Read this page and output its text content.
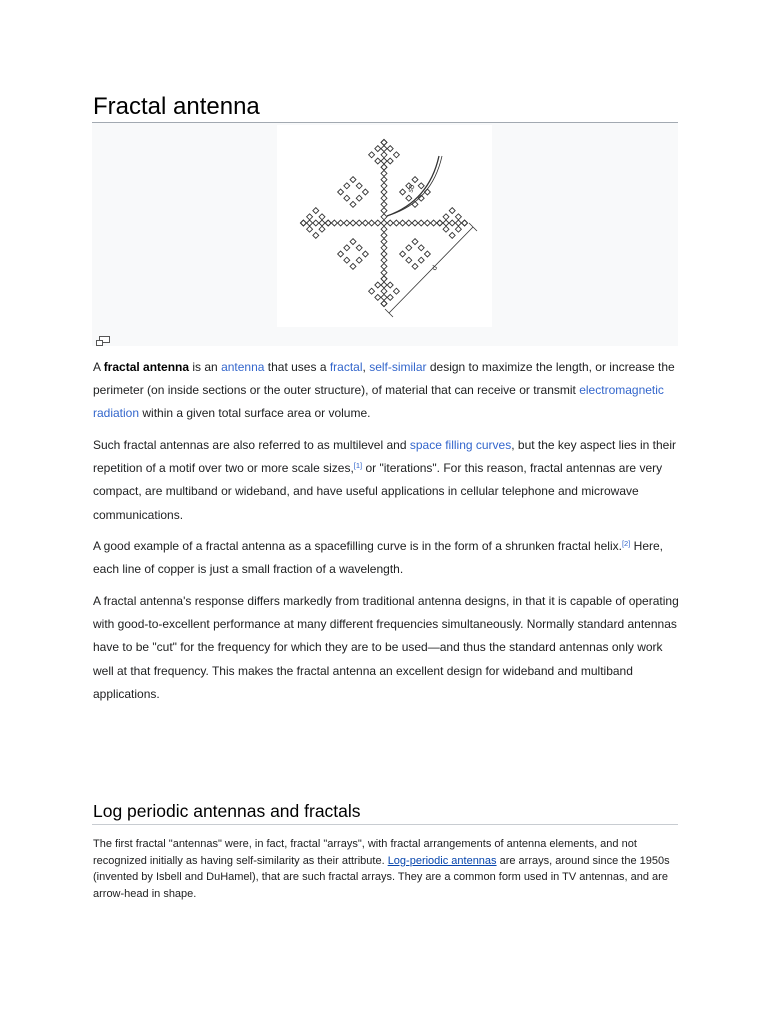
Fractal antenna
s0
d

A fractal antenna is an antenna that uses a fractal, self-similar design to maximize the length, or increase the perimeter (on inside sections or the outer structure), of material that can receive or transmit electromagnetic radiation within a given total surface area or volume.

Such fractal antennas are also referred to as multilevel and space filling curves, but the key aspect lies in their repetition of a motif over two or more scale sizes,[1] or "iterations". For this reason, fractal antennas are very compact, are multiband or wideband, and have useful applications in cellular telephone and microwave communications.

A good example of a fractal antenna as a spacefilling curve is in the form of a shrunken fractal helix.[2] Here, each line of copper is just a small fraction of a wavelength.

A fractal antenna's response differs markedly from traditional antenna designs, in that it is capable of operating with good-to-excellent performance at many different frequencies simultaneously. Normally standard antennas have to be "cut" for the frequency for which they are to be used—and thus the standard antennas only work well at that frequency. This makes the fractal antenna an excellent design for wideband and multiband applications.

Log periodic antennas and fractals

The first fractal "antennas" were, in fact, fractal "arrays", with fractal arrangements of antenna elements, and not recognized initially as having self-similarity as their attribute. Log-periodic antennas are arrays, around since the 1950s (invented by Isbell and DuHamel), that are such fractal arrays. They are a common form used in TV antennas, and are arrow-head in shape.
